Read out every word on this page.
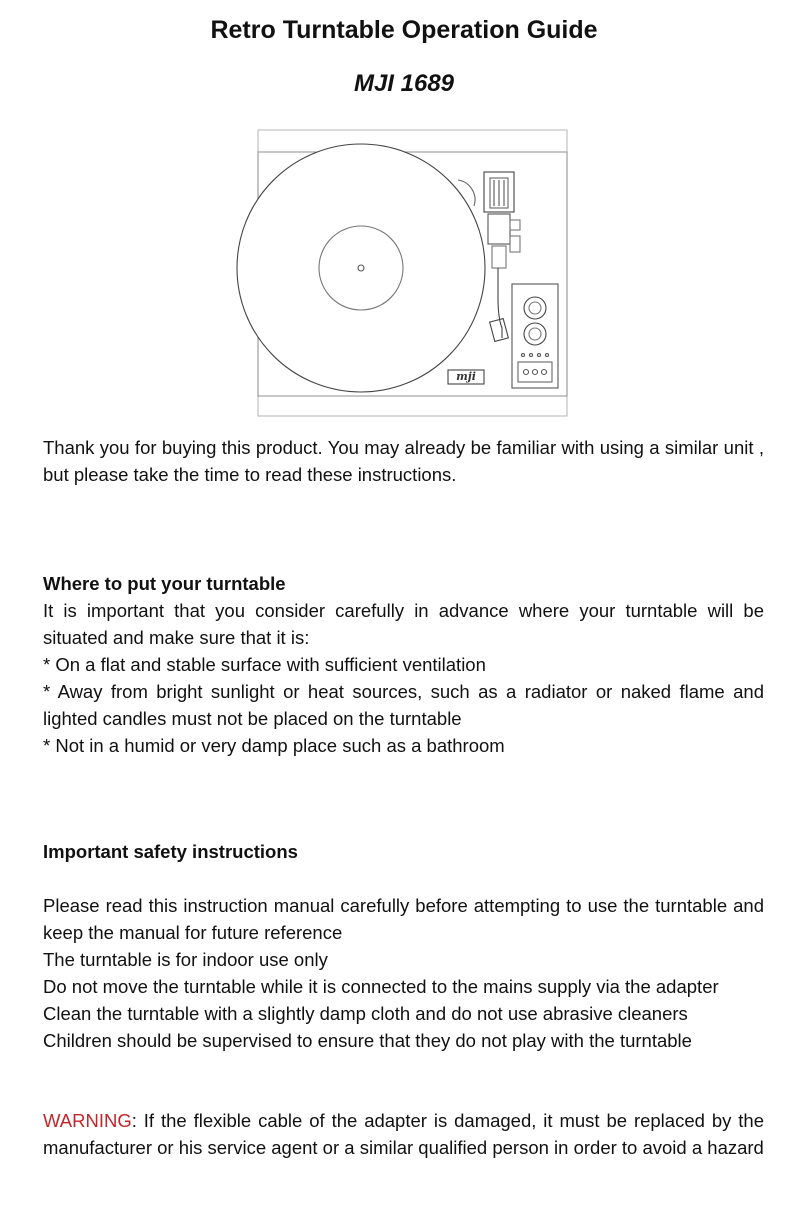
Retro Turntable Operation Guide
MJI 1689
mji

Thank you for buying this product. You may already be familiar with using a similar unit , but please take the time to read these instructions.

Where to put your turntable

It is important that you consider carefully in advance where your turntable will be situated and make sure that it is:

* On a flat and stable surface with sufficient ventilation

* Away from bright sunlight or heat sources, such as a radiator or naked flame and lighted candles must not be placed on the turntable

* Not in a humid or very damp place such as a bathroom

Important safety instructions

Please read this instruction manual carefully before attempting to use the turntable and keep the manual for future reference

The turntable is for indoor use only

Do not move the turntable while it is connected to the mains supply via the adapter

Clean the turntable with a slightly damp cloth and do not use abrasive cleaners

Children should be supervised to ensure that they do not play with the turntable

WARNING: If the flexible cable of the adapter is damaged, it must be replaced by the manufacturer or his service agent or a similar qualified person in order to avoid a hazard
